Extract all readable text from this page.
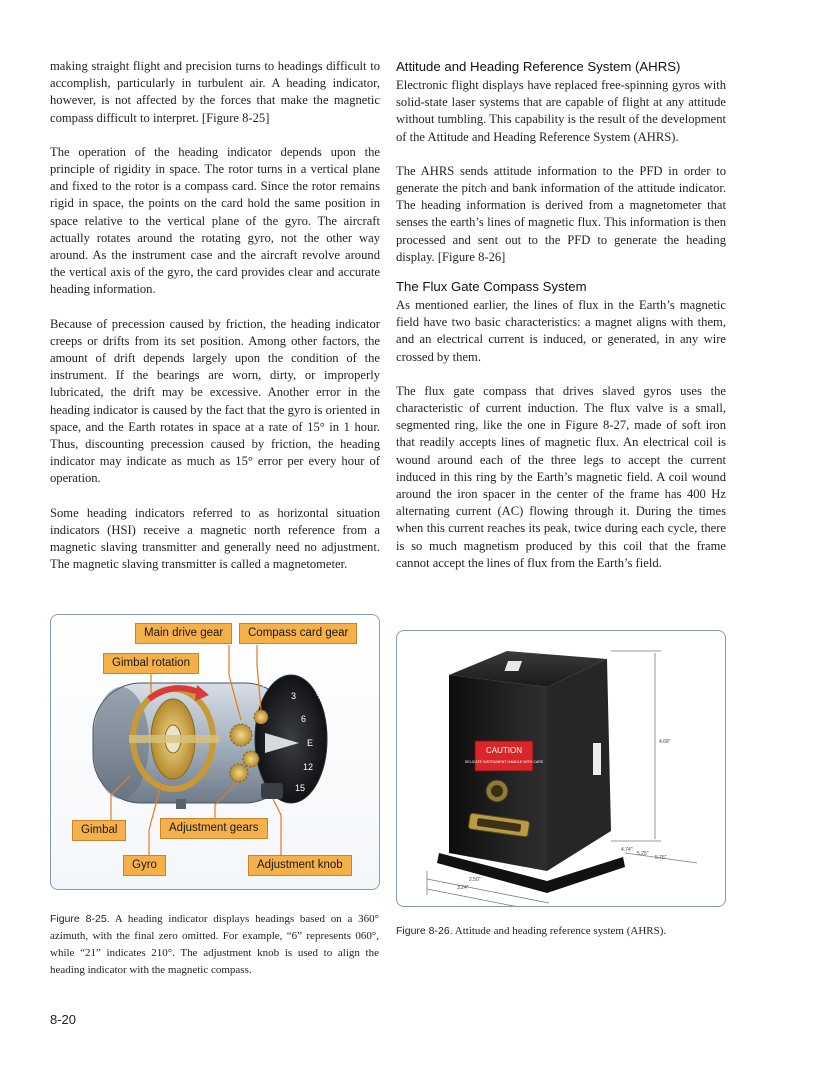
making straight flight and precision turns to headings difficult to accomplish, particularly in turbulent air. A heading indicator, however, is not affected by the forces that make the magnetic compass difficult to interpret. [Figure 8-25]

The operation of the heading indicator depends upon the principle of rigidity in space. The rotor turns in a vertical plane and fixed to the rotor is a compass card. Since the rotor remains rigid in space, the points on the card hold the same position in space relative to the vertical plane of the gyro. The aircraft actually rotates around the rotating gyro, not the other way around. As the instrument case and the aircraft revolve around the vertical axis of the gyro, the card provides clear and accurate heading information.

Because of precession caused by friction, the heading indicator creeps or drifts from its set position. Among other factors, the amount of drift depends largely upon the condition of the instrument. If the bearings are worn, dirty, or improperly lubricated, the drift may be excessive. Another error in the heading indicator is caused by the fact that the gyro is oriented in space, and the Earth rotates in space at a rate of 15° in 1 hour. Thus, discounting precession caused by friction, the heading indicator may indicate as much as 15° error per every hour of operation.

Some heading indicators referred to as horizontal situation indicators (HSI) receive a magnetic north reference from a magnetic slaving transmitter and generally need no adjustment. The magnetic slaving transmitter is called a magnetometer.

Attitude and Heading Reference System (AHRS)

Electronic flight displays have replaced free-spinning gyros with solid-state laser systems that are capable of flight at any attitude without tumbling. This capability is the result of the development of the Attitude and Heading Reference System (AHRS).

The AHRS sends attitude information to the PFD in order to generate the pitch and bank information of the attitude indicator. The heading information is derived from a magnetometer that senses the earth’s lines of magnetic flux. This information is then processed and sent out to the PFD to generate the heading display. [Figure 8-26]

The Flux Gate Compass System

As mentioned earlier, the lines of flux in the Earth’s magnetic field have two basic characteristics: a magnet aligns with them, and an electrical current is induced, or generated, in any wire crossed by them.

The flux gate compass that drives slaved gyros uses the characteristic of current induction. The flux valve is a small, segmented ring, like the one in Figure 8-27, made of soft iron that readily accepts lines of magnetic flux. An electrical coil is wound around each of the three legs to accept the current induced in this ring by the Earth’s magnetic field. A coil wound around the iron spacer in the center of the frame has 400 Hz alternating current (AC) flowing through it. During the times when this current reaches its peak, twice during each cycle, there is so much magnetism produced by this coil that the frame cannot accept the lines of flux from the Earth’s field.

3
6
E
12
15
Main drive gear	Compass card gear
Gimbal rotation
Gimbal	Adjustment gears
Gyro	Adjustment knob

Figure 8-25. A heading indicator displays headings based on a 360° azimuth, with the final zero omitted. For example, “6” represents 060°, while “21” indicates 210°. The adjustment knob is used to align the heading indicator with the magnetic compass.

CAUTION
DELICATE INSTRUMENT HANDLE WITH CARE
4.68"
4.74"
5.25"
5.76"
2.50"
3.24"

Figure 8-26. Attitude and heading reference system (AHRS).

8-20
